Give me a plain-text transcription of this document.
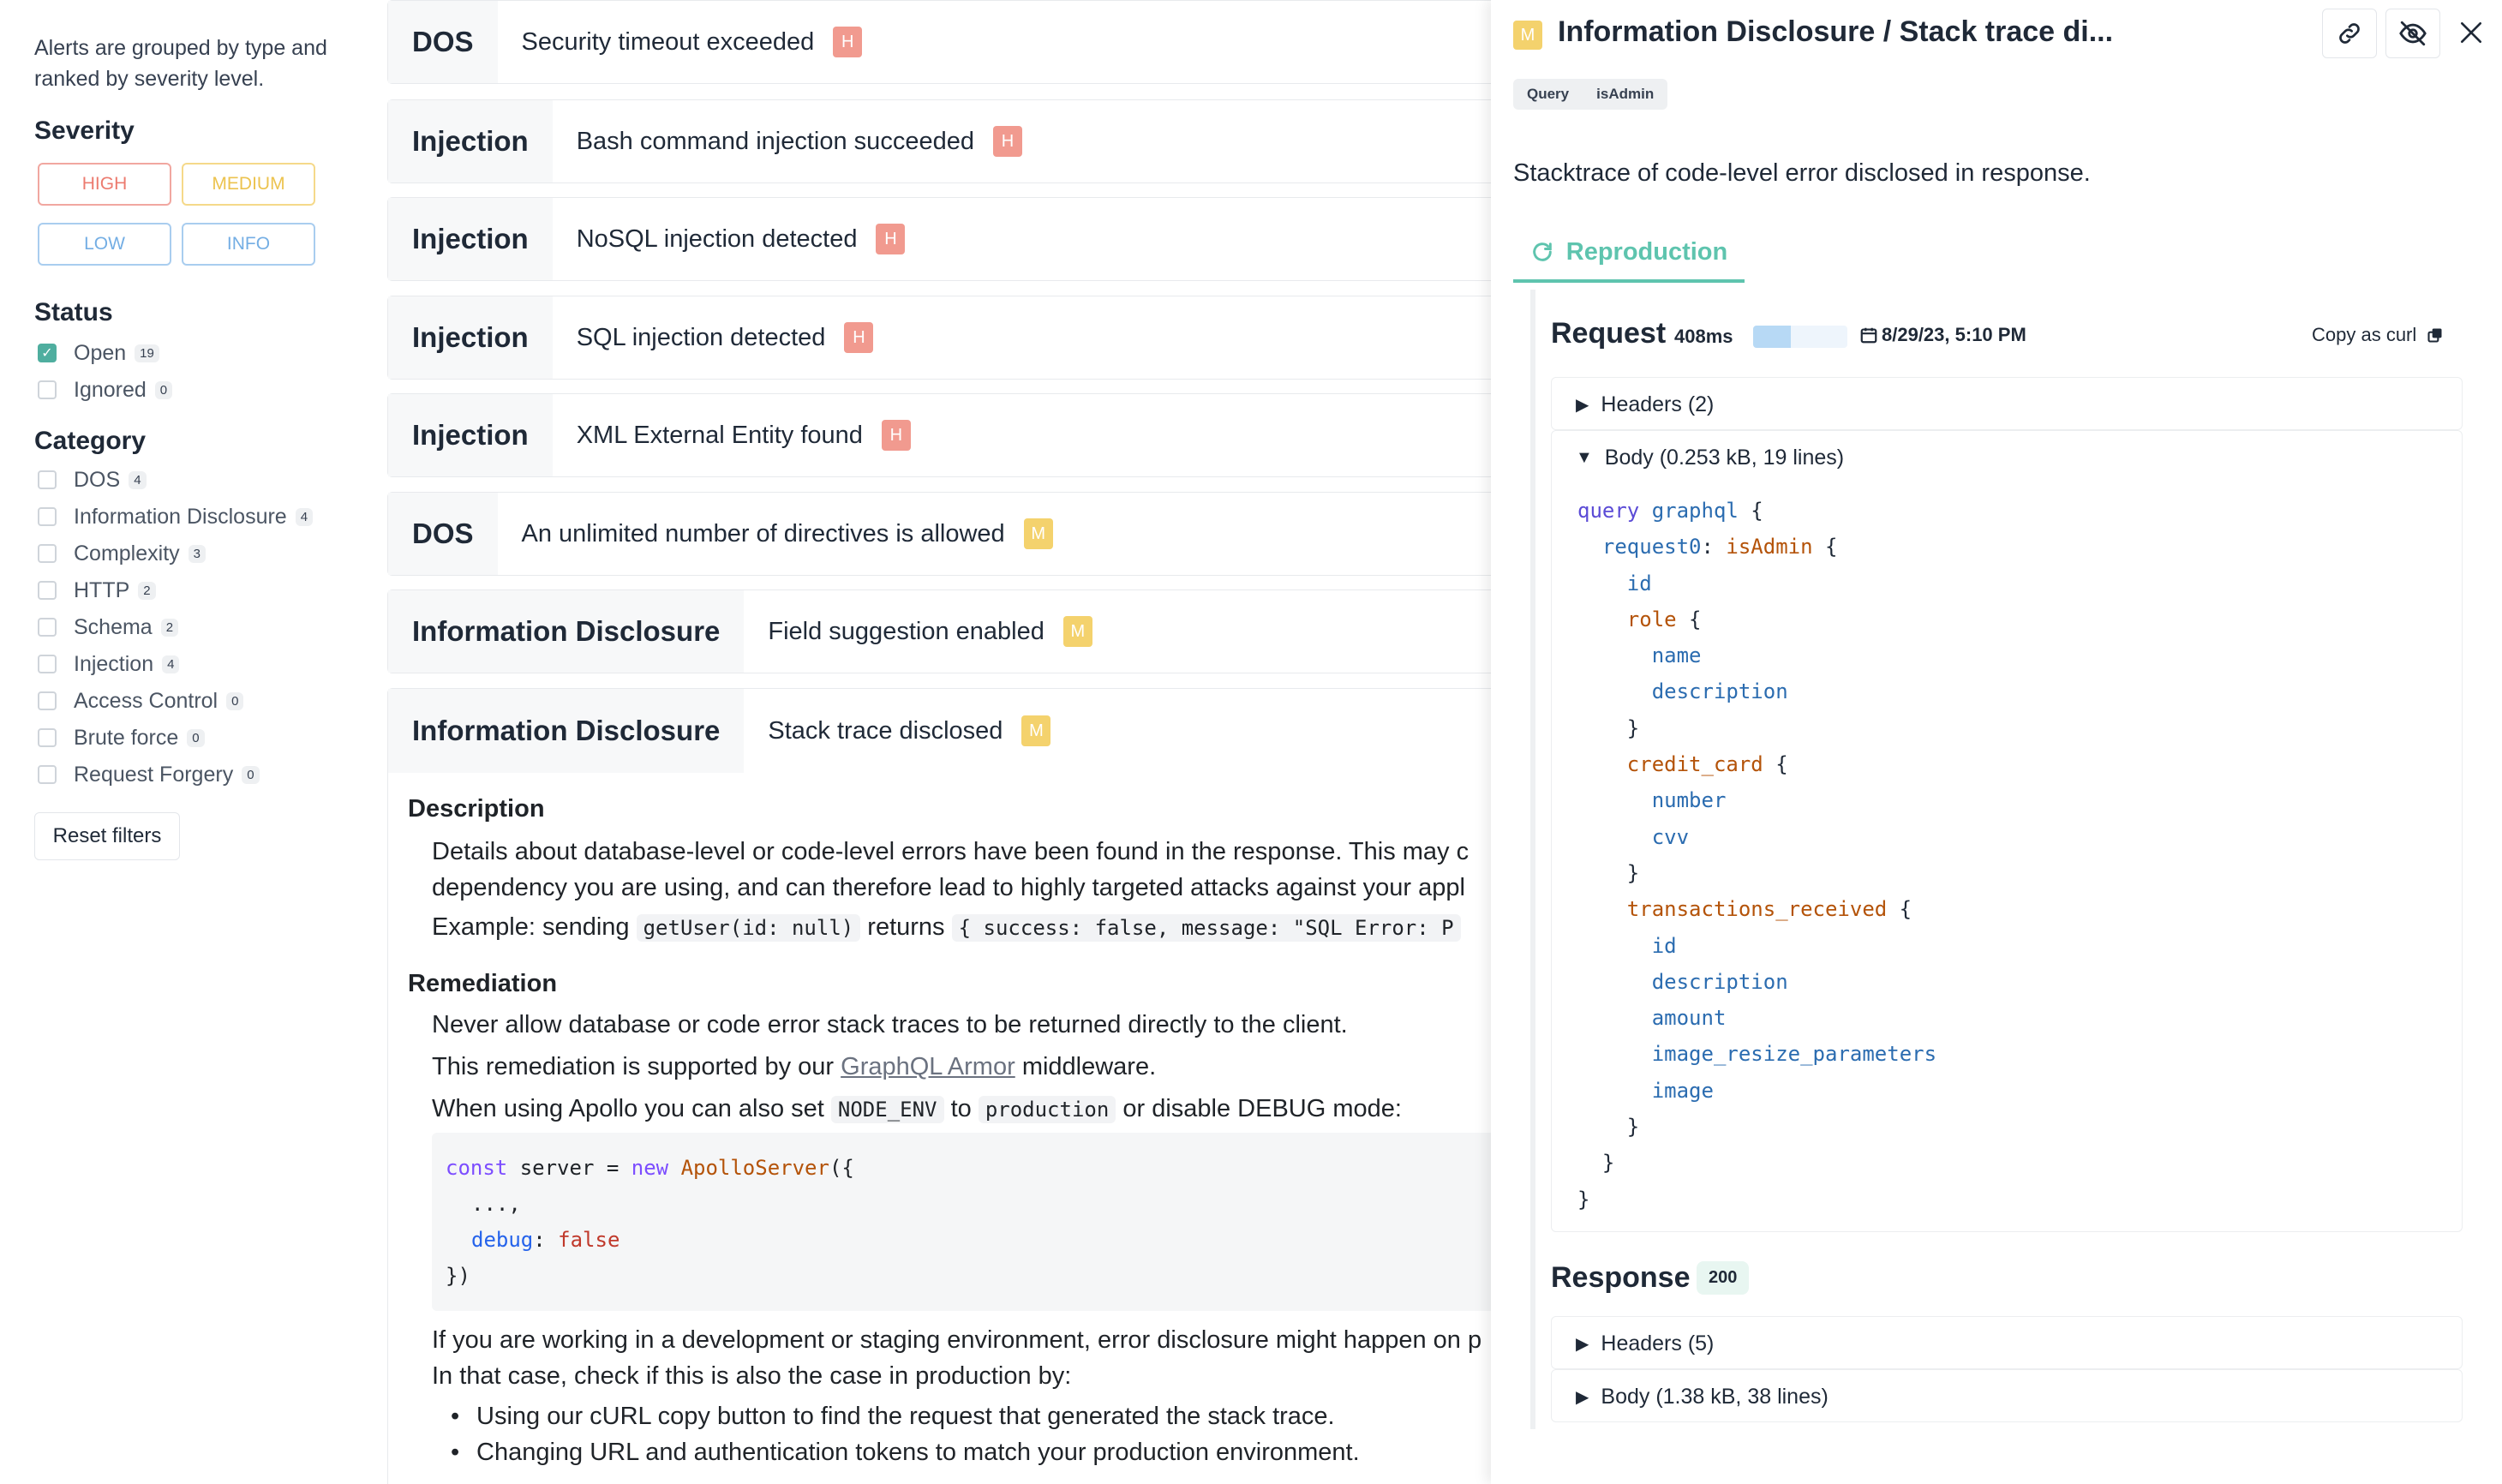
Alerts are grouped by type and ranked by severity level.
Severity
HIGH	MEDIUM
LOW	INFO
Status
✓ Open	19
Ignored	0
Category
DOS	4
Information Disclosure	4
Complexity	3
HTTP	2
Schema	2
Injection	4
Access Control	0
Brute force	0
Request Forgery	0
Reset filters
DOS	Security timeout exceeded	H
Injection	Bash command injection succeeded	H
Injection	NoSQL injection detected	H
Injection	SQL injection detected	H
Injection	XML External Entity found	H
DOS	An unlimited number of directives is allowed	M
Information Disclosure	Field suggestion enabled	M
Information Disclosure	Stack trace disclosed	M
Description
Details about database-level or code-level errors have been found in the response. This may c
dependency you are using, and can therefore lead to highly targeted attacks against your appl
Example: sending getUser(id: null) returns { success: false, message: "SQL Error: P
Remediation
Never allow database or code error stack traces to be returned directly to the client.
This remediation is supported by our GraphQL Armor middleware.
When using Apollo you can also set NODE_ENV to production or disable DEBUG mode:
const server = new ApolloServer({
...,
debug: false
})
If you are working in a development or staging environment, error disclosure might happen on p
In that case, check if this is also the case in production by:
• Using our cURL copy button to find the request that generated the stack trace.
• Changing URL and authentication tokens to match your production environment.
M Information Disclosure / Stack trace di...
Query	isAdmin
Stacktrace of code-level error disclosed in response.
Reproduction
Request 408ms	8/29/23, 5:10 PM	Copy as curl
▶ Headers (2)
▼ Body (0.253 kB, 19 lines)
query graphql {
request0: isAdmin {
id
role {
name
description
}
credit_card {
number
cvv
}
transactions_received {
id
description
amount
image_resize_parameters
image
}
}
}
Response	200
▶ Headers (5)
▶ Body (1.38 kB, 38 lines)
